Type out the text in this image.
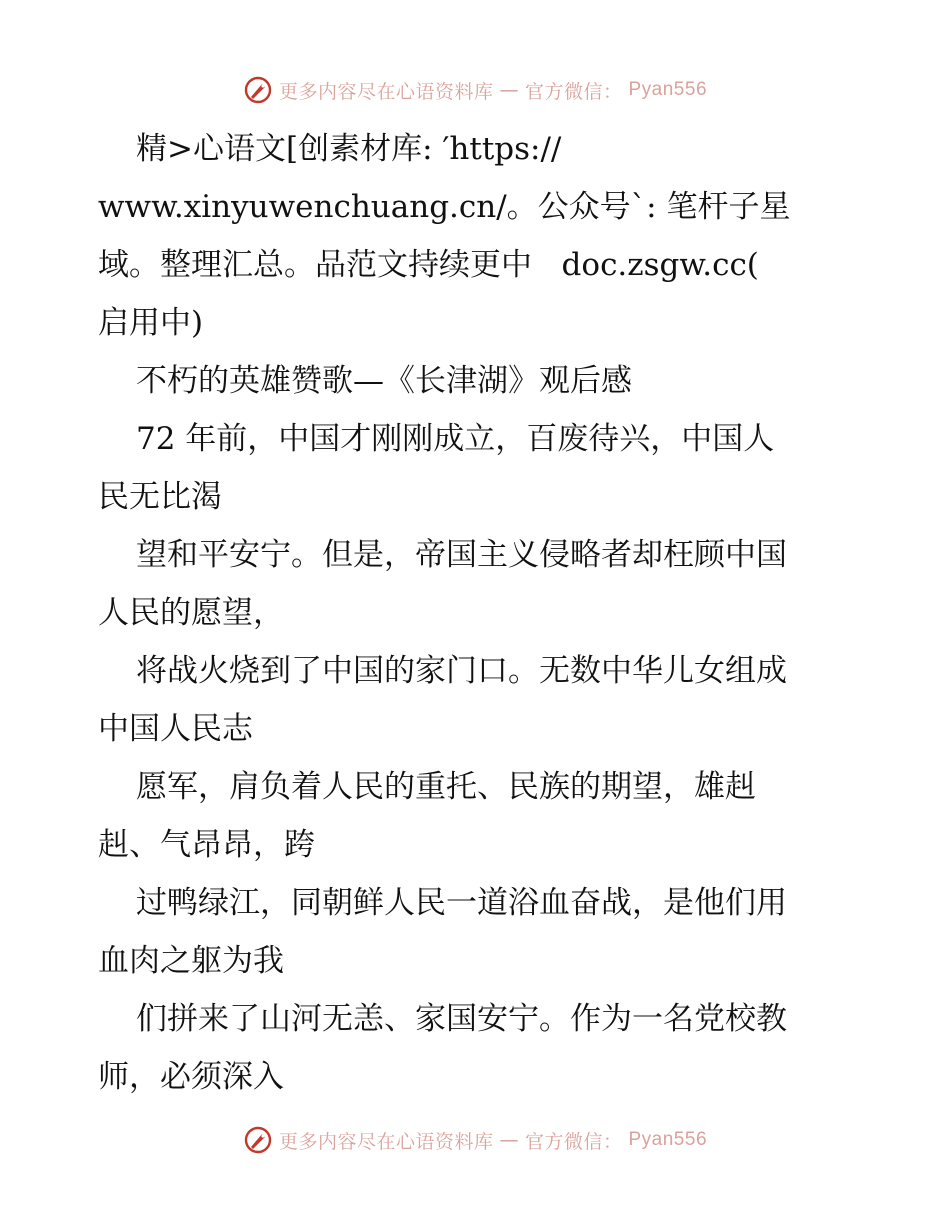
更多内容尽在心语资料库 — 官方微信： Pyan556

精>心语文[创素材库: ′https://

www.xinyuwenchuang.cn/。公众号`: 笔杆子星

域。整理汇总。品范文持续更中   doc.zsgw.cc(

启用中)

不朽的英雄赞歌—《长津湖》观后感

72 年前，中国才刚刚成立，百废待兴，中国人

民无比渴

望和平安宁。但是，帝国主义侵略者却枉顾中国

人民的愿望，

将战火烧到了中国的家门口。无数中华儿女组成

中国人民志

愿军，肩负着人民的重托、民族的期望，雄赳

赳、气昂昂，跨

过鸭绿江，同朝鲜人民一道浴血奋战，是他们用

血肉之躯为我

们拼来了山河无恙、家国安宁。作为一名党校教

师，必须深入

更多内容尽在心语资料库 — 官方微信： Pyan556
